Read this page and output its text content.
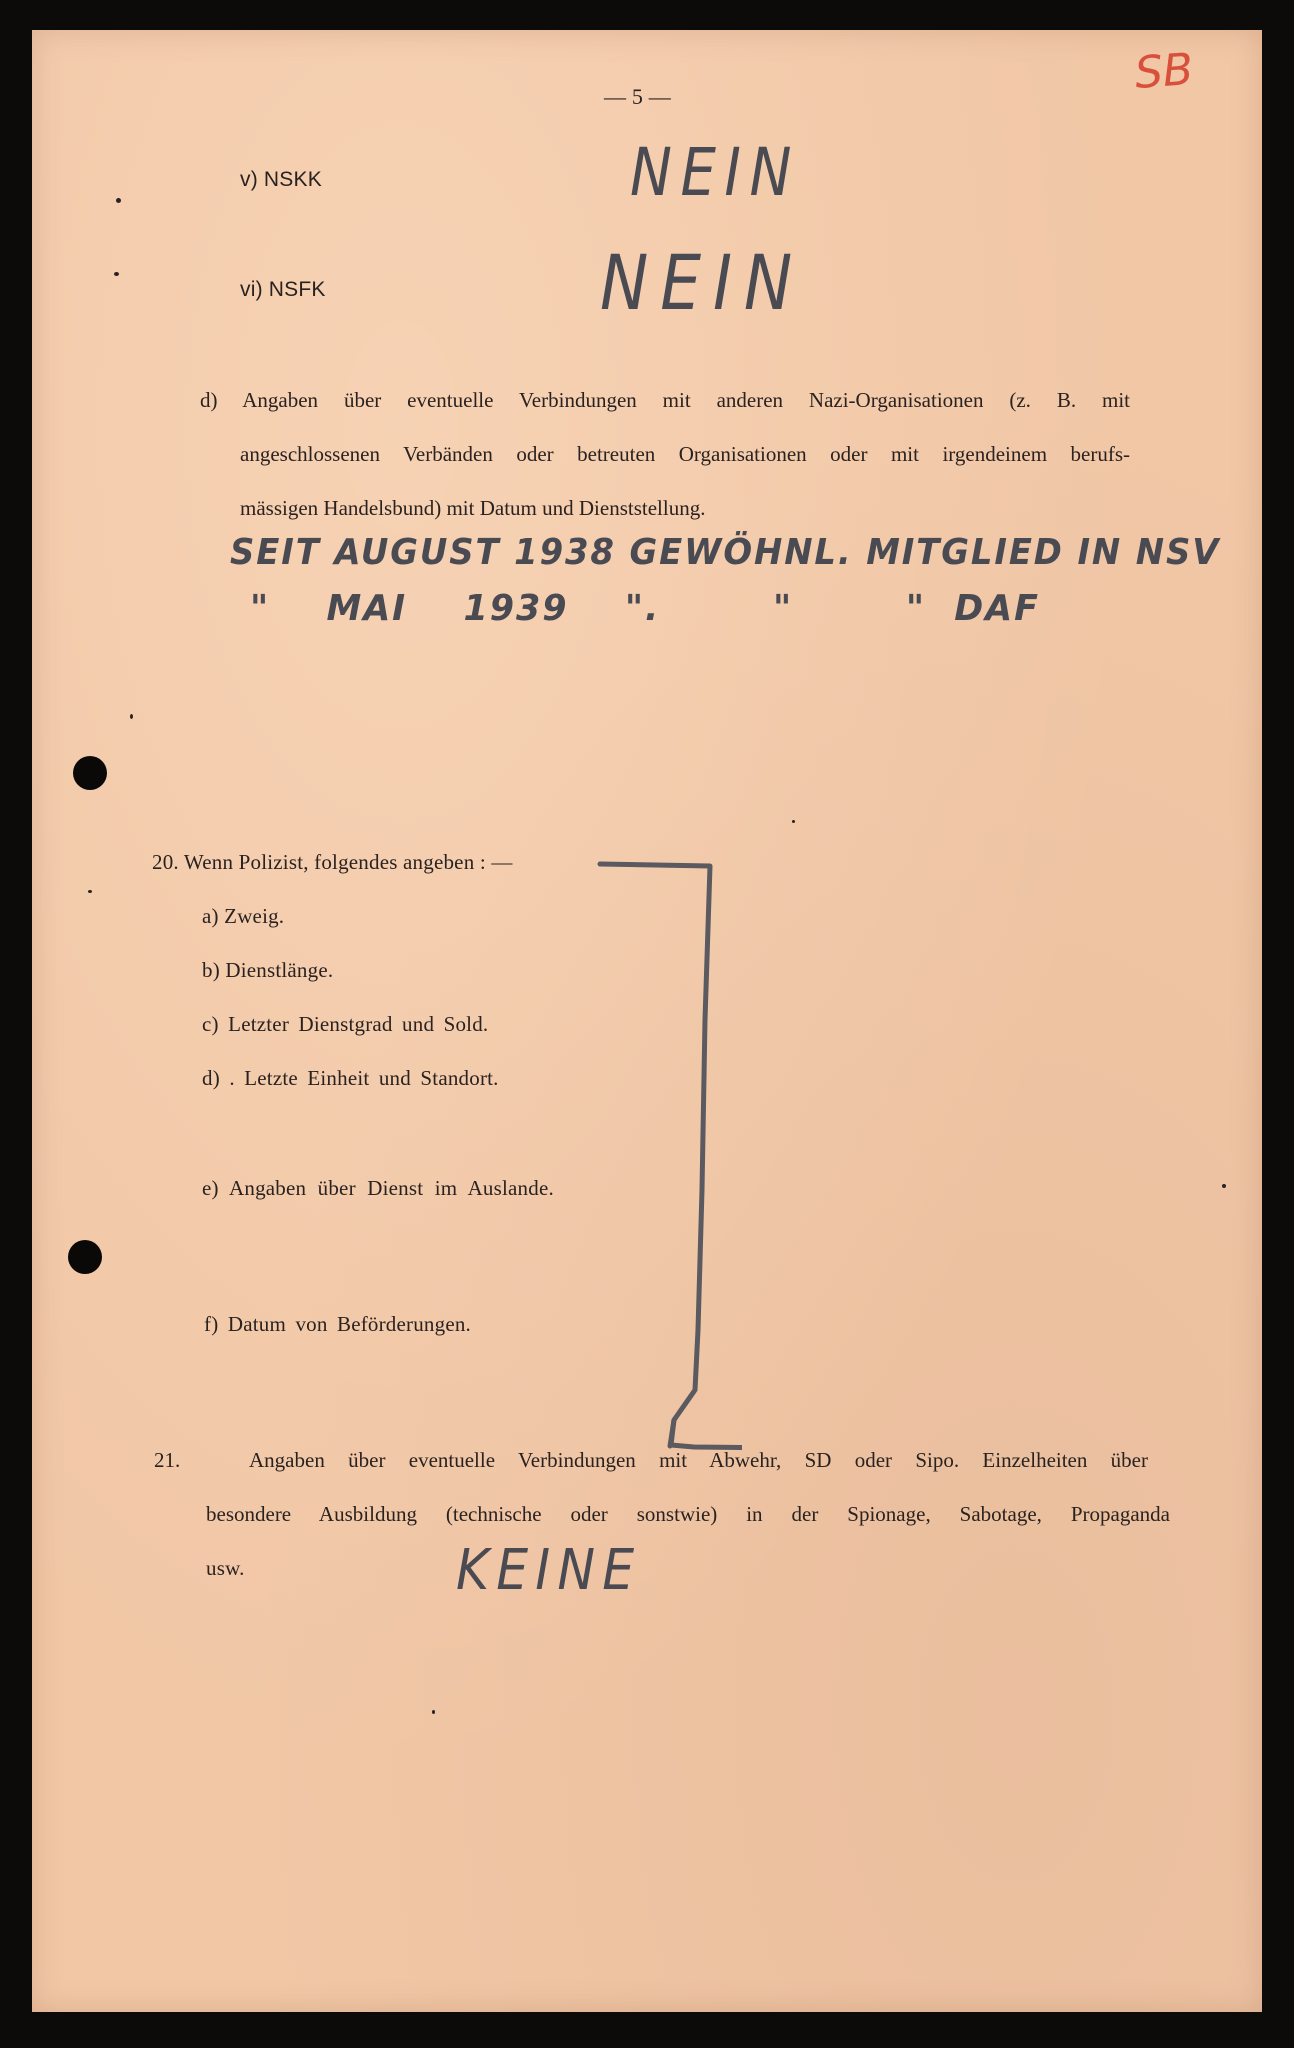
— 5 —	SB
v) NSKK	NEIN
vi) NSFK	NEIN
d) Angaben über eventuelle Verbindungen mit anderen Nazi-Organisationen (z. B. mit
angeschlossenen Verbänden oder betreuten Organisationen oder mit irgendeinem berufs-
mässigen Handelsbund) mit Datum und Dienststellung.
SEIT AUGUST 1938 GEWÖHNL. MITGLIED IN NSV
"    MAI    1939    ".        "        "  DAF
20. Wenn Polizist, folgendes angeben : —
a) Zweig.
b) Dienstlänge.
c) Letzter Dienstgrad und Sold.
d) . Letzte Einheit und Standort.
e) Angaben über Dienst im Auslande.
f) Datum von Beförderungen.
21.   Angaben über eventuelle Verbindungen mit Abwehr, SD oder Sipo. Einzelheiten über
besondere Ausbildung (technische oder sonstwie) in der Spionage, Sabotage, Propaganda
usw.	KEINE
